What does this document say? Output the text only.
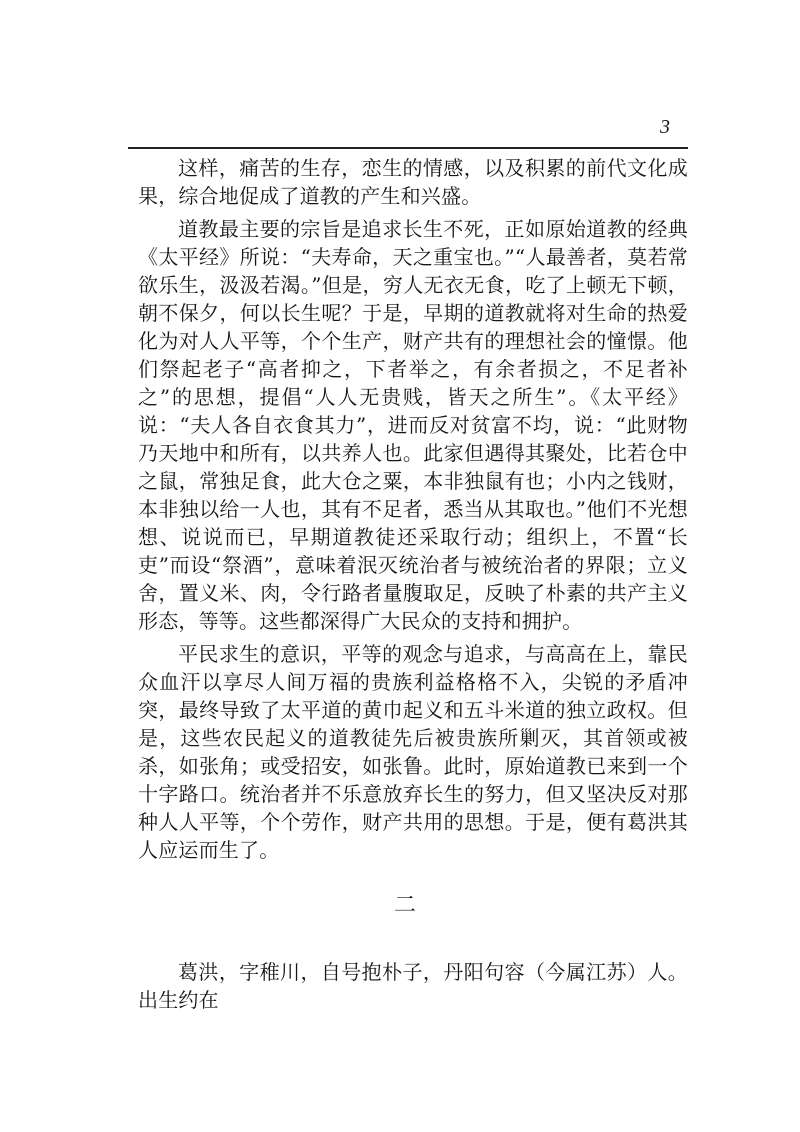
3

这样，痛苦的生存，恋生的情感，以及积累的前代文化成果，综合地促成了道教的产生和兴盛。

道教最主要的宗旨是追求长生不死，正如原始道教的经典《太平经》所说：“夫寿命，天之重宝也。”“人最善者，莫若常欲乐生，汲汲若渴。”但是，穷人无衣无食，吃了上顿无下顿，朝不保夕，何以长生呢？于是，早期的道教就将对生命的热爱化为对人人平等，个个生产，财产共有的理想社会的憧憬。他们祭起老子“高者抑之，下者举之，有余者损之，不足者补之”的思想，提倡“人人无贵贱，皆天之所生”。《太平经》说：“夫人各自衣食其力”，进而反对贫富不均，说：“此财物乃天地中和所有，以共养人也。此家但遇得其聚处，比若仓中之鼠，常独足食，此大仓之粟，本非独鼠有也；小内之钱财，本非独以给一人也，其有不足者，悉当从其取也。”他们不光想想、说说而已，早期道教徒还采取行动；组织上，不置“长吏”而设“祭酒”，意味着泯灭统治者与被统治者的界限；立义舍，置义米、肉，令行路者量腹取足，反映了朴素的共产主义形态，等等。这些都深得广大民众的支持和拥护。

平民求生的意识，平等的观念与追求，与高高在上，靠民众血汗以享尽人间万福的贵族利益格格不入，尖锐的矛盾冲突，最终导致了太平道的黄巾起义和五斗米道的独立政权。但是，这些农民起义的道教徒先后被贵族所剿灭，其首领或被杀，如张角；或受招安，如张鲁。此时，原始道教已来到一个十字路口。统治者并不乐意放弃长生的努力，但又坚决反对那种人人平等，个个劳作，财产共用的思想。于是，便有葛洪其人应运而生了。

二

葛洪，字稚川，自号抱朴子，丹阳句容（今属江苏）人。出生约在
